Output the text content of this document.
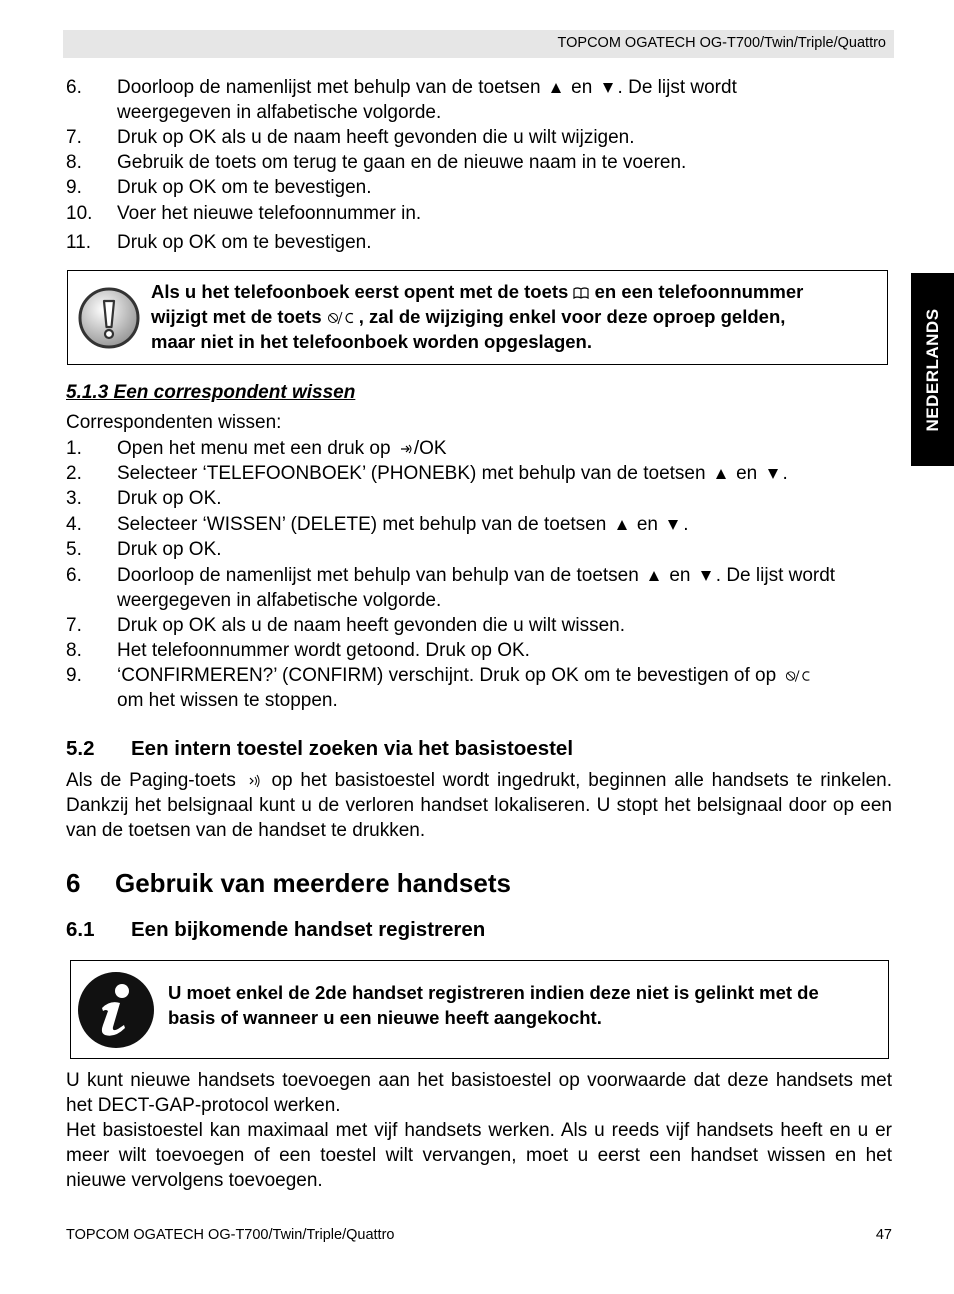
TOPCOM OGATECH OG-T700/Twin/Triple/Quattro
NEDERLANDS
6. Doorloop de namenlijst met behulp van de toetsen en . De lijst wordt
weergegeven in alfabetische volgorde.
7. Druk op OK als u de naam heeft gevonden die u wilt wijzigen.
8. Gebruik de toets om terug te gaan en de nieuwe naam in te voeren.
9. Druk op OK om te bevestigen.
10. Voer het nieuwe telefoonnummer in.
11. Druk op OK om te bevestigen.
Als u het telefoonboek eerst opent met de toets en een telefoonnummer
wijzigt met de toets , zal de wijziging enkel voor deze oproep gelden,
maar niet in het telefoonboek worden opgeslagen.
5.1.3 Een correspondent wissen
Correspondenten wissen:
1. Open het menu met een druk op /OK
2. Selecteer ‘TELEFOONBOEK’ (PHONEBK) met behulp van de toetsen en .
3. Druk op OK.
4. Selecteer ‘WISSEN’ (DELETE) met behulp van de toetsen en .
5. Druk op OK.
6. Doorloop de namenlijst met behulp van behulp van de toetsen en . De lijst wordt
weergegeven in alfabetische volgorde.
7. Druk op OK als u de naam heeft gevonden die u wilt wissen.
8. Het telefoonnummer wordt getoond. Druk op OK.
9. ‘CONFIRMEREN?’ (CONFIRM) verschijnt. Druk op OK om te bevestigen of op
om het wissen te stoppen.
5.2 Een intern toestel zoeken via het basistoestel
Als de Paging-toets op het basistoestel wordt ingedrukt, beginnen alle handsets te rinkelen. Dankzij het belsignaal kunt u de verloren handset lokaliseren. U stopt het belsignaal door op een van de toetsen van de handset te drukken.
6 Gebruik van meerdere handsets
6.1 Een bijkomende handset registreren
U moet enkel de 2de handset registreren indien deze niet is gelinkt met de
basis of wanneer u een nieuwe heeft aangekocht.
U kunt nieuwe handsets toevoegen aan het basistoestel op voorwaarde dat deze handsets met het DECT-GAP-protocol werken.
Het basistoestel kan maximaal met vijf handsets werken. Als u reeds vijf handsets heeft en u er meer wilt toevoegen of een toestel wilt vervangen, moet u eerst een handset wissen en het nieuwe vervolgens toevoegen.
TOPCOM OGATECH OG-T700/Twin/Triple/Quattro	47
